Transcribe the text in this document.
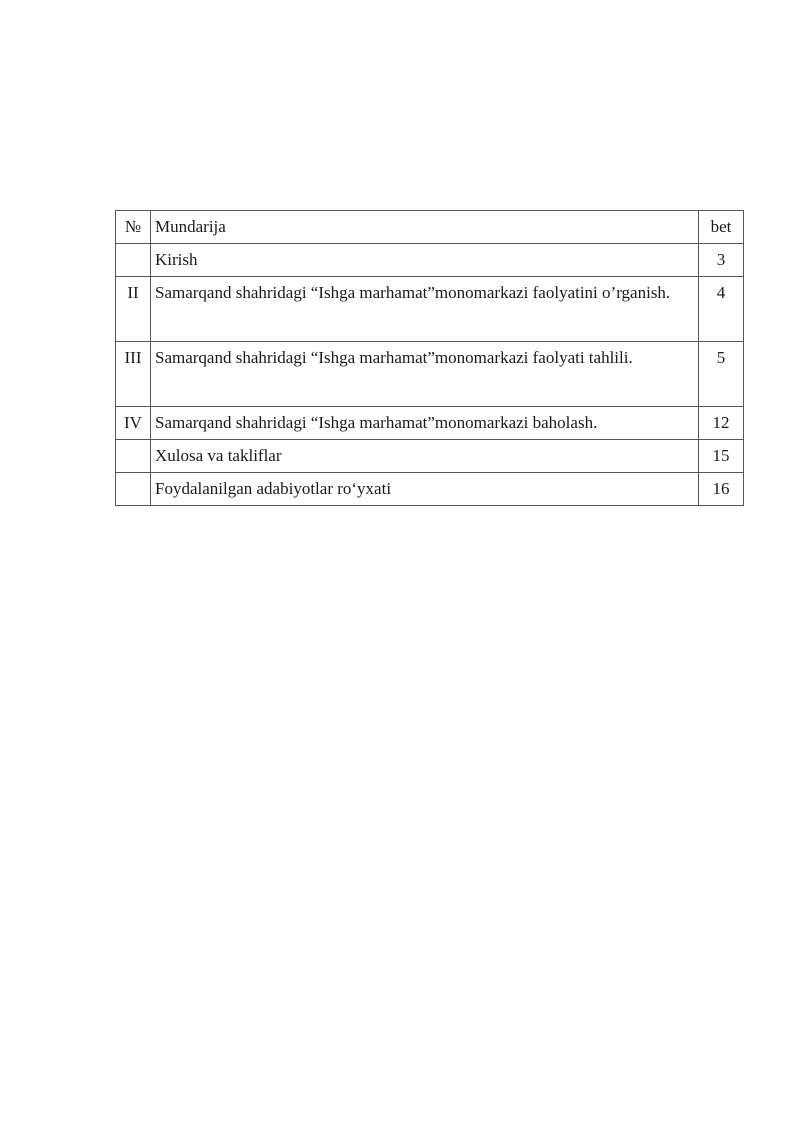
№	Mundarija	bet
	Kirish	3
II	Samarqand shahridagi “Ishga marhamat”monomarkazi faolyatini o’rganish.	4
III	Samarqand shahridagi “Ishga marhamat”monomarkazi faolyati tahlili.	5
IV	Samarqand shahridagi “Ishga marhamat”monomarkazi baholash.	12
	Xulosa va takliflar	15
	Foydalanilgan adabiyotlar ro‘yxati	16
